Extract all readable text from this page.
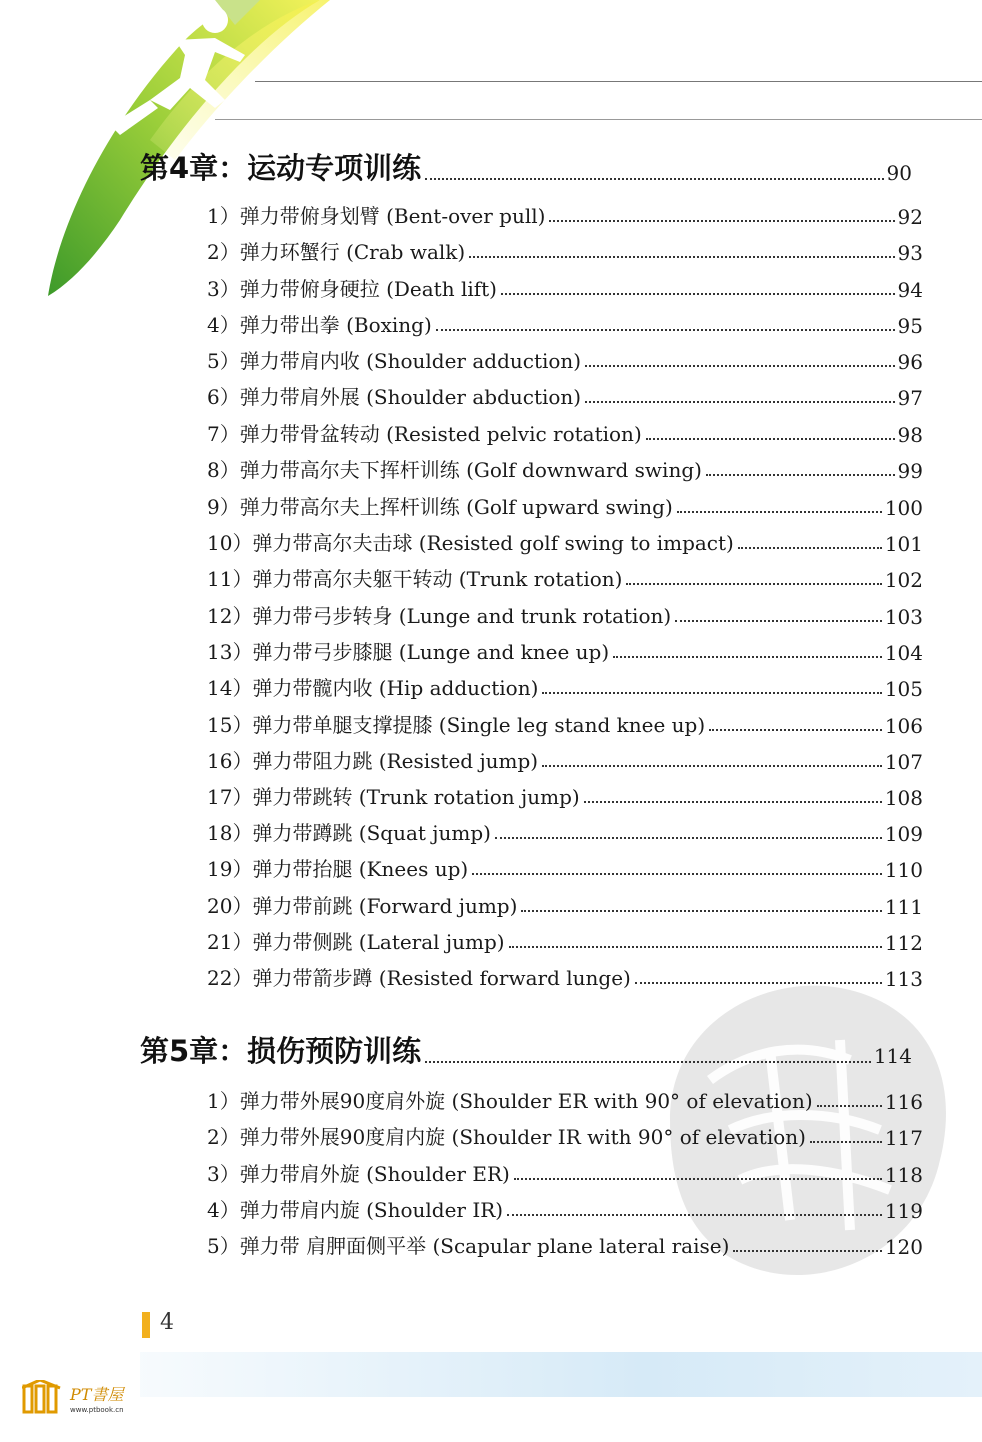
第4章：运动专项训练	90
1）弹力带俯身划臂 (Bent-over pull)	92
2）弹力环蟹行 (Crab walk)	93
3）弹力带俯身硬拉 (Death lift)	94
4）弹力带出拳 (Boxing)	95
5）弹力带肩内收 (Shoulder adduction)	96
6）弹力带肩外展 (Shoulder abduction)	97
7）弹力带骨盆转动 (Resisted pelvic rotation)	98
8）弹力带高尔夫下挥杆训练 (Golf downward swing)	99
9）弹力带高尔夫上挥杆训练 (Golf upward swing)	100
10）弹力带高尔夫击球 (Resisted golf swing to impact)	101
11）弹力带高尔夫躯干转动 (Trunk rotation)	102
12）弹力带弓步转身 (Lunge and trunk rotation)	103
13）弹力带弓步膝腿 (Lunge and knee up)	104
14）弹力带髋内收 (Hip adduction)	105
15）弹力带单腿支撑提膝 (Single leg stand knee up)	106
16）弹力带阻力跳 (Resisted jump)	107
17）弹力带跳转 (Trunk rotation jump)	108
18）弹力带蹲跳 (Squat jump)	109
19）弹力带抬腿 (Knees up)	110
20）弹力带前跳 (Forward jump)	111
21）弹力带侧跳 (Lateral jump)	112
22）弹力带箭步蹲 (Resisted forward lunge)	113
第5章：损伤预防训练	114
1）弹力带外展90度肩外旋 (Shoulder ER with 90° of elevation)	116
2）弹力带外展90度肩内旋 (Shoulder IR with 90° of elevation)	117
3）弹力带肩外旋 (Shoulder ER)	118
4）弹力带肩内旋 (Shoulder IR)	119
5）弹力带 肩胛面侧平举 (Scapular plane lateral raise)	120
4
PT書屋
www.ptbook.cn
